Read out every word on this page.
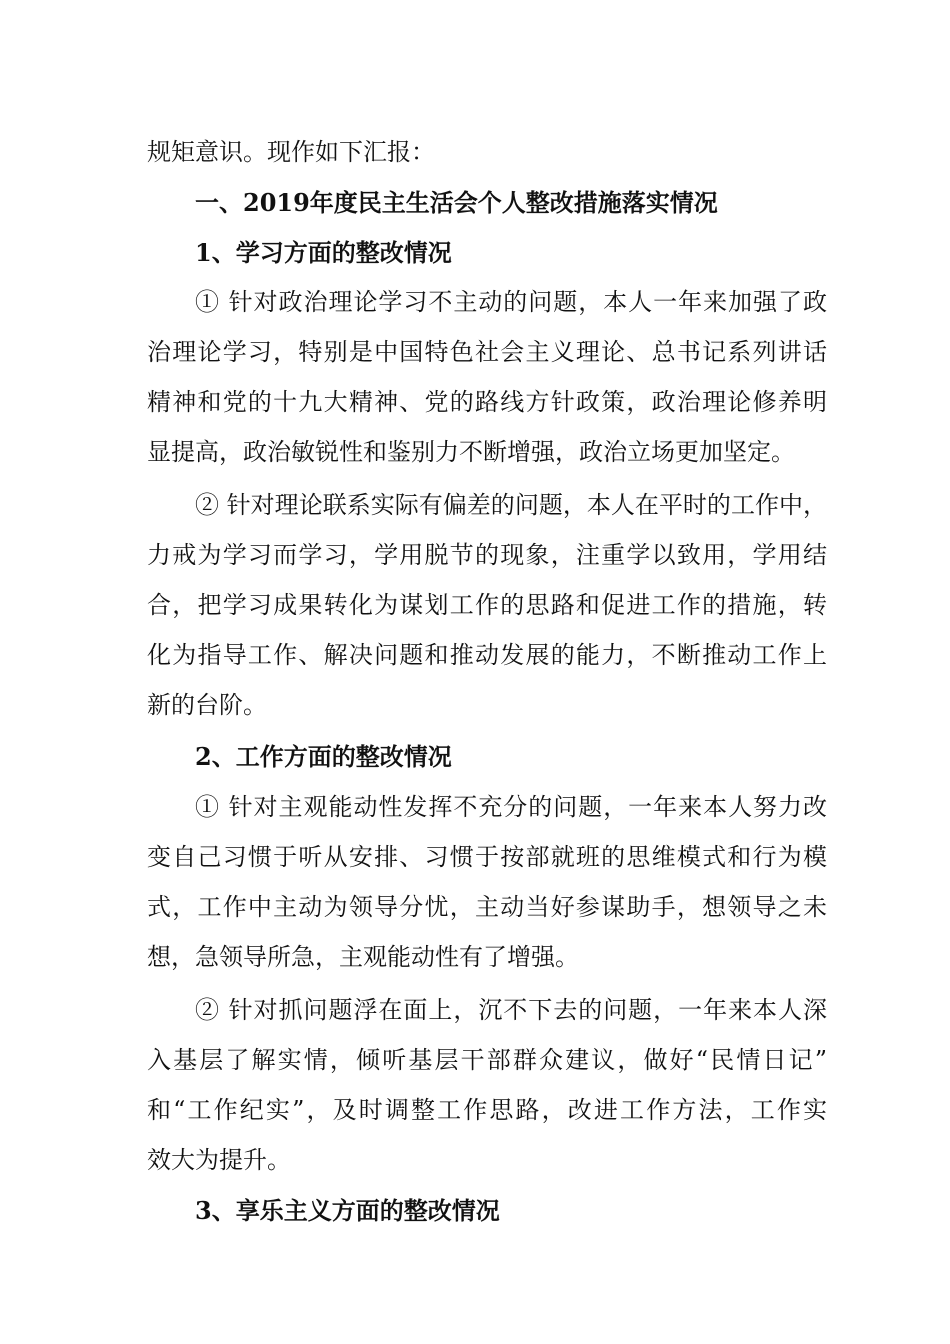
规矩意识。现作如下汇报：
一、2019年度民主生活会个人整改措施落实情况
1、学习方面的整改情况
① 针对政治理论学习不主动的问题，本人一年来加强了政
治理论学习，特别是中国特色社会主义理论、总书记系列讲话
精神和党的十九大精神、党的路线方针政策，政治理论修养明
显提高，政治敏锐性和鉴别力不断增强，政治立场更加坚定。
② 针对理论联系实际有偏差的问题，本人在平时的工作中，
力戒为学习而学习，学用脱节的现象，注重学以致用，学用结
合，把学习成果转化为谋划工作的思路和促进工作的措施，转
化为指导工作、解决问题和推动发展的能力，不断推动工作上
新的台阶。
2、工作方面的整改情况
① 针对主观能动性发挥不充分的问题，一年来本人努力改
变自己习惯于听从安排、习惯于按部就班的思维模式和行为模
式，工作中主动为领导分忧，主动当好参谋助手，想领导之未
想，急领导所急，主观能动性有了增强。
② 针对抓问题浮在面上，沉不下去的问题，一年来本人深
入基层了解实情，倾听基层干部群众建议，做好“民情日记”
和“工作纪实”，及时调整工作思路，改进工作方法，工作实
效大为提升。
3、享乐主义方面的整改情况
